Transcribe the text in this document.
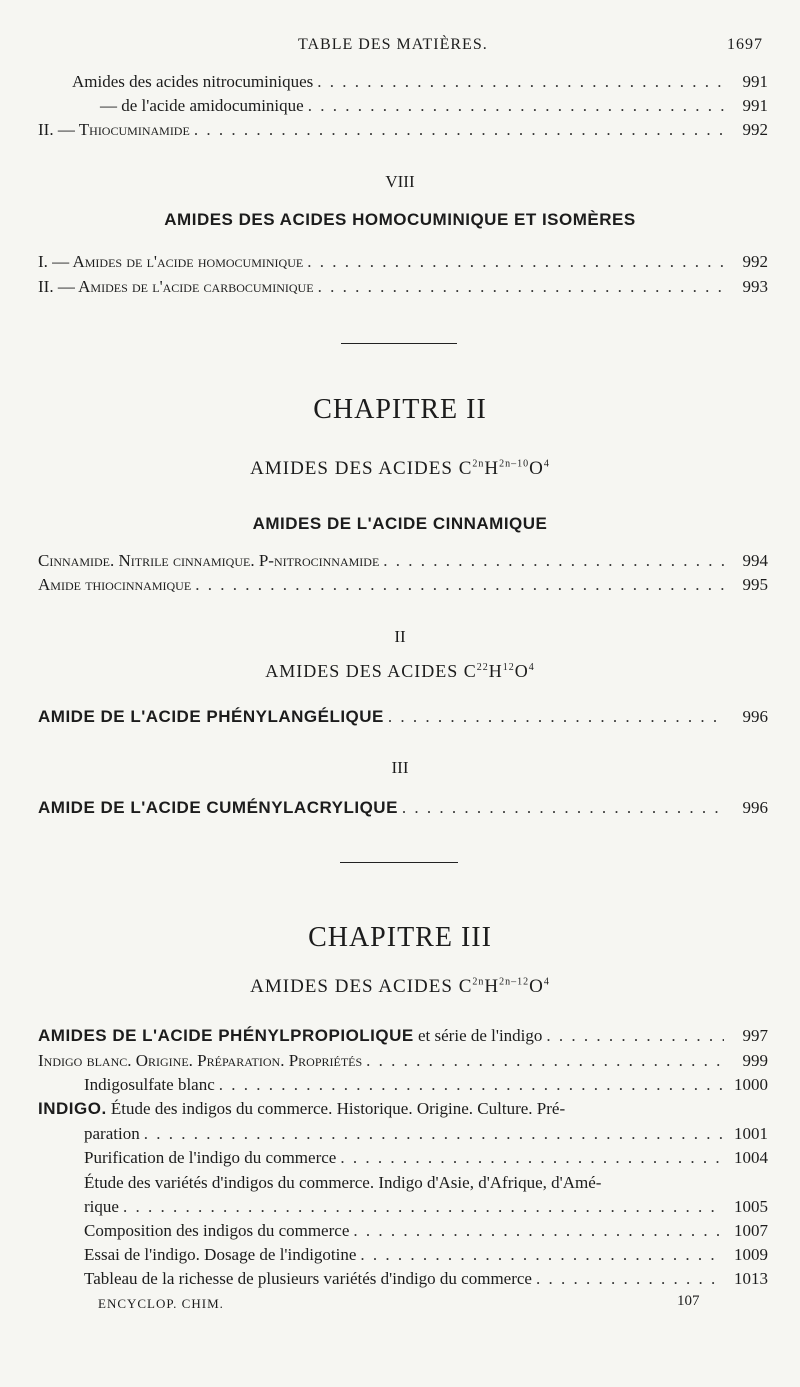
TABLE DES MATIÈRES.	1697
Amides des acides nitrocuminiques . . .	991
— de l'acide amidocuminique . . .	991
II. — Thiocuminamide . . .	992
VIII
AMIDES DES ACIDES HOMOCUMINIQUE ET ISOMÈRES
I. — Amides de l'acide homocuminique . . .	992
II. — Amides de l'acide carbocuminique . . .	993
CHAPITRE II
AMIDES DES ACIDES $C^{2n}H^{2n-10}O^4$
AMIDES DE L'ACIDE CINNAMIQUE
Cinnamide. Nitrile cinnamique. P-nitrocinnamide . . .	994
Amide thiocinnamique . . .	995
II
AMIDES DES ACIDES $C^{22}H^{12}O^4$
AMIDE DE L'ACIDE PHÉNYLANGÉLIQUE . . .	996
III
AMIDE DE L'ACIDE CUMÉNYLACRYLIQUE . . .	996
CHAPITRE III
AMIDES DES ACIDES $C^{2n}H^{2n-12}O^4$
AMIDES DE L'ACIDE PHÉNYLPROPIOLIQUE et série de l'indigo . . .	997
Indigo blanc. Origine. Préparation. Propriétés . . .	999
Indigosulfate blanc . . .	1000
INDIGO. Étude des indigos du commerce. Historique. Origine. Culture. Pré-
paration . . .	1001
Purification de l'indigo du commerce . . .	1004
Étude des variétés d'indigos du commerce. Indigo d'Asie, d'Afrique, d'Amé-
rique . . .	1005
Composition des indigos du commerce . . .	1007
Essai de l'indigo. Dosage de l'indigotine . . .	1009
Tableau de la richesse de plusieurs variétés d'indigo du commerce . . .	1013
ENCYCLOP. CHIM.	107
